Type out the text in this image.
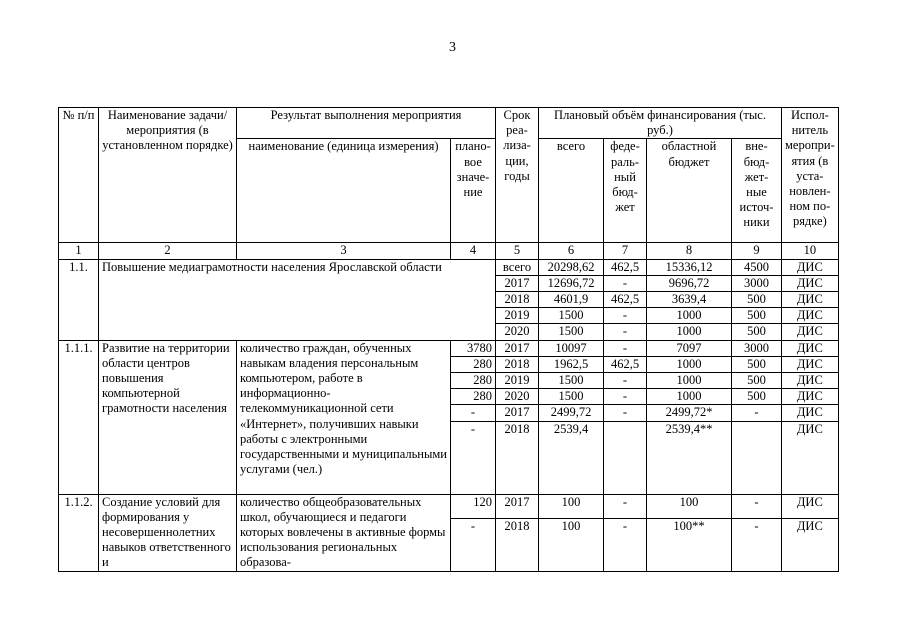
3
№ п/п	Наименование задачи/мероприятия (в установленном порядке)	Результат выполнения мероприятия		Срок реа-лиза-ции, годы	Плановый объём финансирования (тыс. руб.)				Испол-нитель меропри-ятия (в уста-новлен-ном по-рядке)
		наименование (единица измерения)	плано-вое значе-ние		всего	феде-раль-ный бюд-жет	областной бюджет	вне-бюд-жет-ные источ-ники	
1	2	3	4	5	6	7	8	9	10
1.1.	Повышение медиаграмотности населения Ярославской области			всего	20298,62	462,5	15336,12	4500	ДИС
				2017	12696,72	-	9696,72	3000	ДИС
				2018	4601,9	462,5	3639,4	500	ДИС
				2019	1500	-	1000	500	ДИС
				2020	1500	-	1000	500	ДИС
1.1.1.	Развитие на территории области центров повышения компьютерной грамотности населения	количество граждан, обученных навыкам владения персональным компьютером, работе в информационно-телекоммуникационной сети «Интернет», получивших навыки работы с электронными государственными и муниципальными услугами (чел.)	3780	2017	10097	-	7097	3000	ДИС
			280	2018	1962,5	462,5	1000	500	ДИС
			280	2019	1500	-	1000	500	ДИС
			280	2020	1500	-	1000	500	ДИС
			-	2017	2499,72	-	2499,72*	-	ДИС
			-	2018	2539,4		2539,4**		ДИС
1.1.2.	Создание условий для формирования у несовершеннолетних навыков ответственного и	количество общеобразовательных школ, обучающиеся и педагоги которых вовлечены в активные формы использования региональных образова-	120	2017	100	-	100	-	ДИС
			-	2018	100	-	100**	-	ДИС
